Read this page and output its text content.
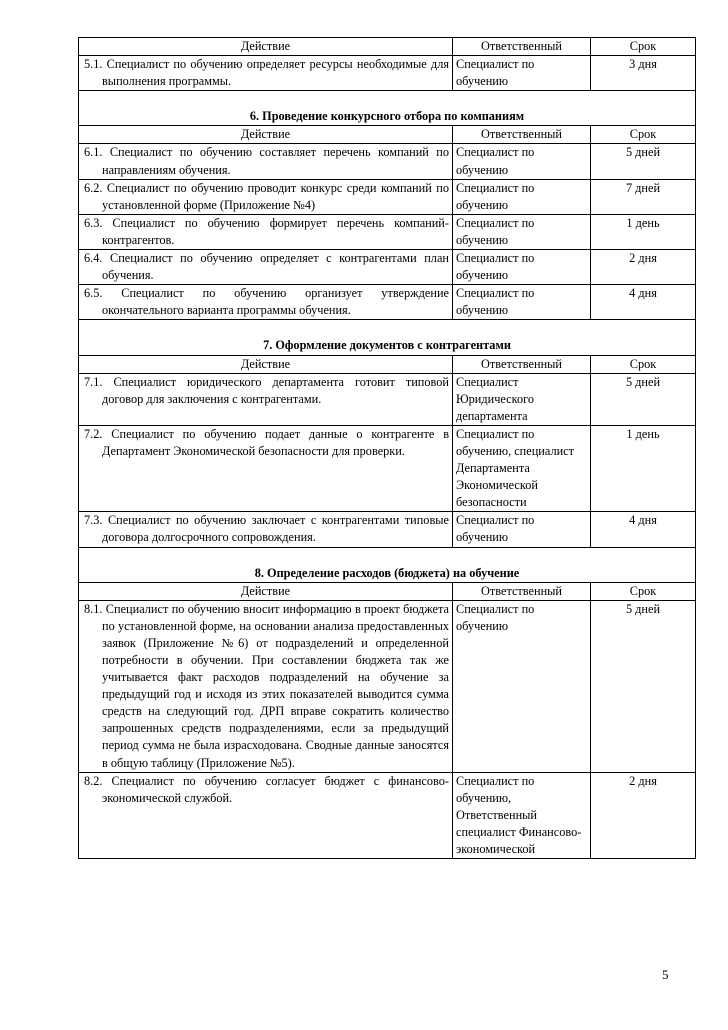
Действие	Ответственный	Срок

5.1. Специалист по обучению определяет ресурсы необходимые для выполнения программы.	Специалист по обучению	3 дня

6. Проведение конкурсного отбора по компаниям		
Действие	Ответственный	Срок

6.1. Специалист по обучению составляет перечень компаний по направлениям обучения.	Специалист по обучению	5 дней

6.2. Специалист по обучению проводит конкурс среди компаний по установленной форме (Приложение №4)	Специалист по обучению	7 дней

6.3. Специалист по обучению формирует перечень компаний-контрагентов.	Специалист по обучению	1 день

6.4. Специалист по обучению определяет с контрагентами план обучения.	Специалист по обучению	2 дня

6.5. Специалист по обучению организует утверждение окончательного варианта программы обучения.	Специалист по обучению	4 дня

7. Оформление документов с контрагентами		
Действие	Ответственный	Срок

7.1. Специалист юридического департамента готовит типовой договор для заключения с контрагентами.	Специалист Юридического департамента	5 дней

7.2. Специалист по обучению подает данные о контрагенте в Департамент Экономической безопасности для проверки.	Специалист по обучению, специалист Департамента Экономической безопасности	1 день

7.3. Специалист по обучению заключает с контрагентами типовые договора долгосрочного сопровождения.	Специалист по обучению	4 дня

8. Определение расходов (бюджета) на обучение		
Действие	Ответственный	Срок

8.1. Специалист по обучению вносит информацию в проект бюджета по установленной форме, на основании анализа предоставленных заявок (Приложение №6) от подразделений и определенной потребности в обучении. При составлении бюджета так же учитывается факт расходов подразделений на обучение за предыдущий год и исходя из этих показателей выводится сумма средств на следующий год. ДРП вправе сократить количество запрошенных средств подразделениями, если за предыдущий период сумма не была израсходована. Сводные данные заносятся в общую таблицу (Приложение №5).	Специалист по обучению	5 дней

8.2. Специалист по обучению согласует бюджет с финансово-экономической службой.	Специалист по обучению, Ответственный специалист Финансово-экономической	2 дня
5
